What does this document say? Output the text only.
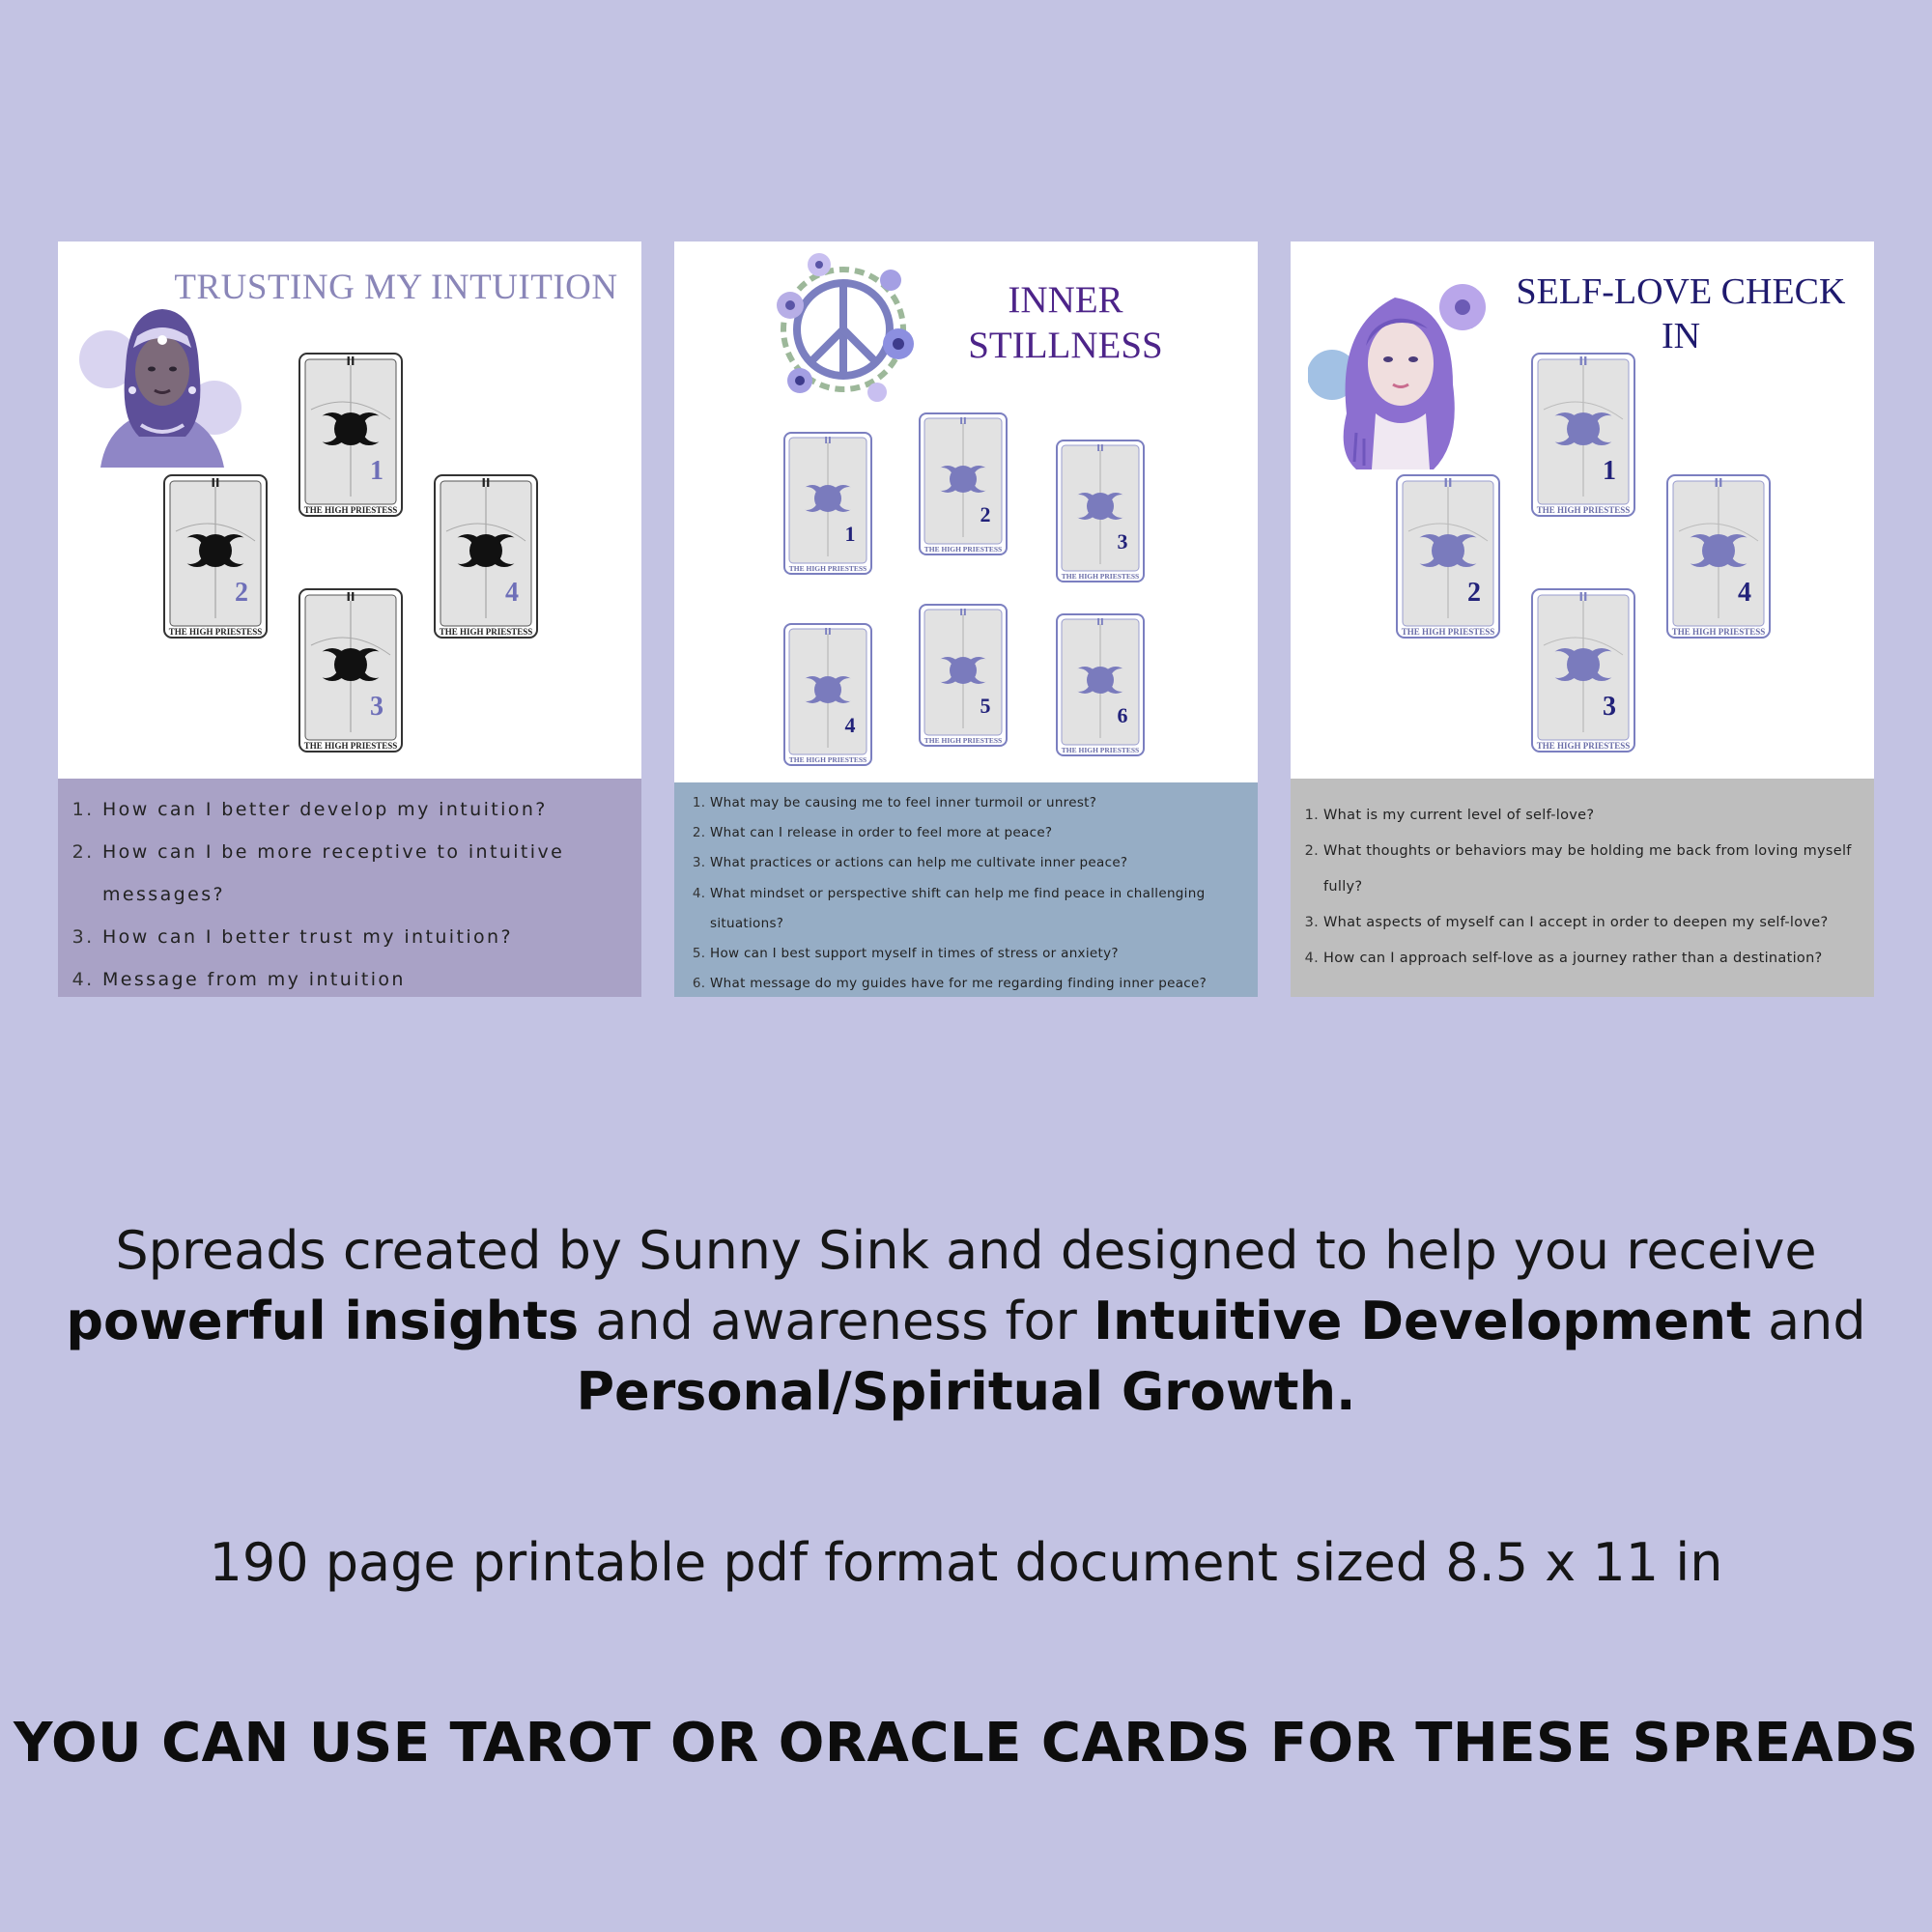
TRUSTING MY INTUITION
II
1
THE HIGH PRIESTESS
II
2
THE HIGH PRIESTESS
II
3
THE HIGH PRIESTESS
II
4
THE HIGH PRIESTESS
1. How can I better develop my intuition?
2. How can I be more receptive to intuitive messages?
3. How can I better trust my intuition?
4. Message from my intuition
INNER
STILLNESS
II
1
THE HIGH PRIESTESS
II
2
THE HIGH PRIESTESS
II
3
THE HIGH PRIESTESS
II
4
THE HIGH PRIESTESS
II
5
THE HIGH PRIESTESS
II
6
THE HIGH PRIESTESS
1. What may be causing me to feel inner turmoil or unrest?
2. What can I release in order to feel more at peace?
3. What practices or actions can help me cultivate inner peace?
4. What mindset or perspective shift can help me find peace in challenging situations?
5. How can I best support myself in times of stress or anxiety?
6. What message do my guides have for me regarding finding inner peace?
SELF-LOVE CHECK
IN
II
1
THE HIGH PRIESTESS
II
2
THE HIGH PRIESTESS
II
3
THE HIGH PRIESTESS
II
4
THE HIGH PRIESTESS
1. What is my current level of self-love?
2. What thoughts or behaviors may be holding me back from loving myself fully?
3. What aspects of myself can I accept in order to deepen my self-love?
4. How can I approach self-love as a journey rather than a destination?

Spreads created by Sunny Sink and designed to help you receive powerful insights and awareness for Intuitive Development and Personal/Spiritual Growth.

190 page printable pdf format document sized 8.5 x 11 in

YOU CAN USE TAROT OR ORACLE CARDS FOR THESE SPREADS
